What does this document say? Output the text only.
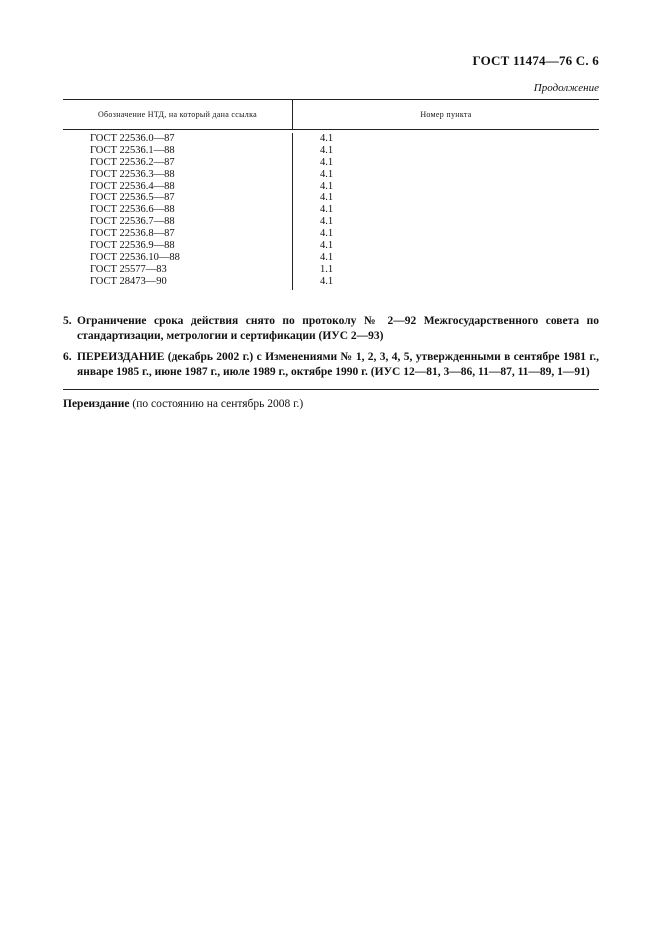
ГОСТ 11474—76 С. 6
Продолжение
Обозначение НТД, на который дана ссылка	Номер пункта
ГОСТ 22536.0—87
ГОСТ 22536.1—88
ГОСТ 22536.2—87
ГОСТ 22536.3—88
ГОСТ 22536.4—88
ГОСТ 22536.5—87
ГОСТ 22536.6—88
ГОСТ 22536.7—88
ГОСТ 22536.8—87
ГОСТ 22536.9—88
ГОСТ 22536.10—88
ГОСТ 25577—83
ГОСТ 28473—90
4.1
4.1
4.1
4.1
4.1
4.1
4.1
4.1
4.1
4.1
4.1
1.1
4.1
5. Ограничение срока действия снято по протоколу № 2—92 Межгосударственного совета по стандартизации, метрологии и сертификации (ИУС 2—93)
6. ПЕРЕИЗДАНИЕ (декабрь 2002 г.) с Изменениями № 1, 2, 3, 4, 5, утвержденными в сентябре 1981 г., январе 1985 г., июне 1987 г., июле 1989 г., октябре 1990 г. (ИУС 12—81, 3—86, 11—87, 11—89, 1—91)
Переиздание (по состоянию на сентябрь 2008 г.)
